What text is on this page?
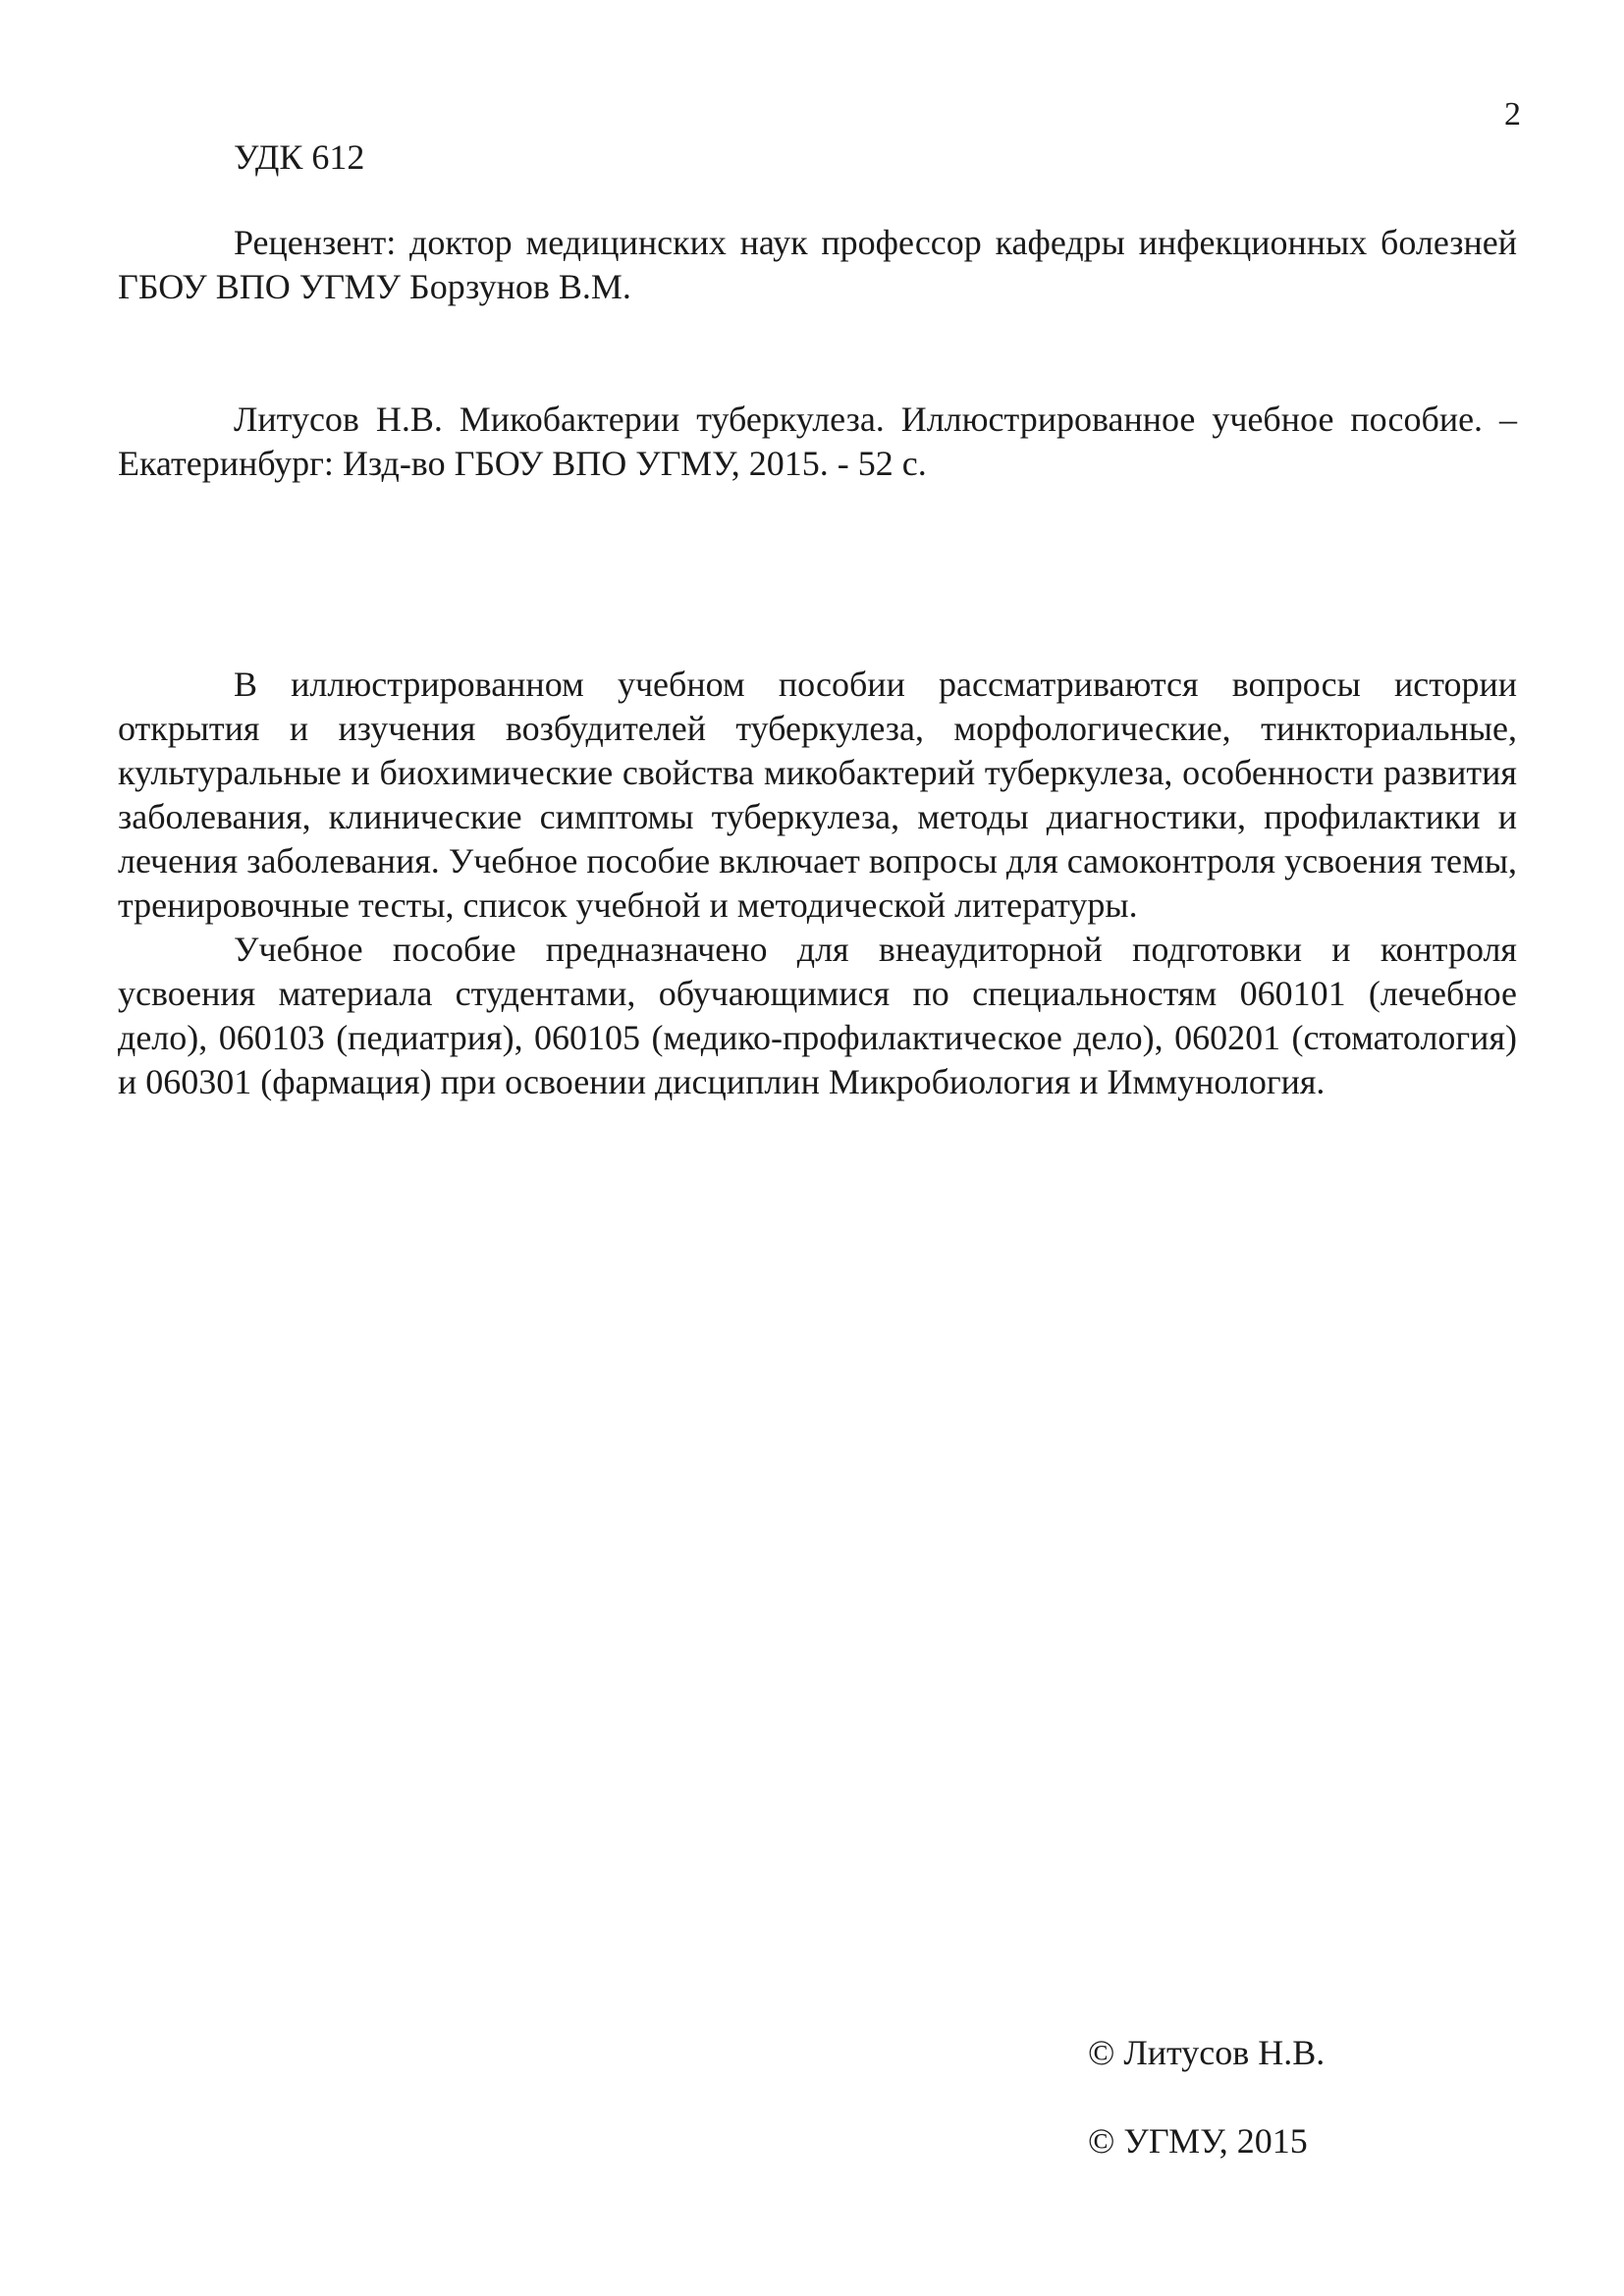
2
УДК 612

Рецензент: доктор медицинских наук профессор кафедры инфекционных болезней ГБОУ ВПО УГМУ Борзунов В.М.

Литусов Н.В. Микобактерии туберкулеза. Иллюстрированное учебное пособие. – Екатеринбург: Изд-во ГБОУ ВПО УГМУ, 2015. - 52 с.

В иллюстрированном учебном пособии рассматриваются вопросы истории открытия и изучения возбудителей туберкулеза, морфологические, тинкториальные, культуральные и биохимические свойства микобактерий туберкулеза, особенности развития заболевания, клинические симптомы туберкулеза, методы диагностики, профилактики и лечения заболевания. Учебное пособие включает вопросы для самоконтроля усвоения темы, тренировочные тесты, список учебной и методической литературы.

Учебное пособие предназначено для внеаудиторной подготовки и контроля усвоения материала студентами, обучающимися по специальностям 060101 (лечебное дело), 060103 (педиатрия), 060105 (медико-профилактическое дело), 060201 (стоматология) и 060301 (фармация) при освоении дисциплин Микробиология и Иммунология.

© Литусов Н.В.
© УГМУ, 2015
